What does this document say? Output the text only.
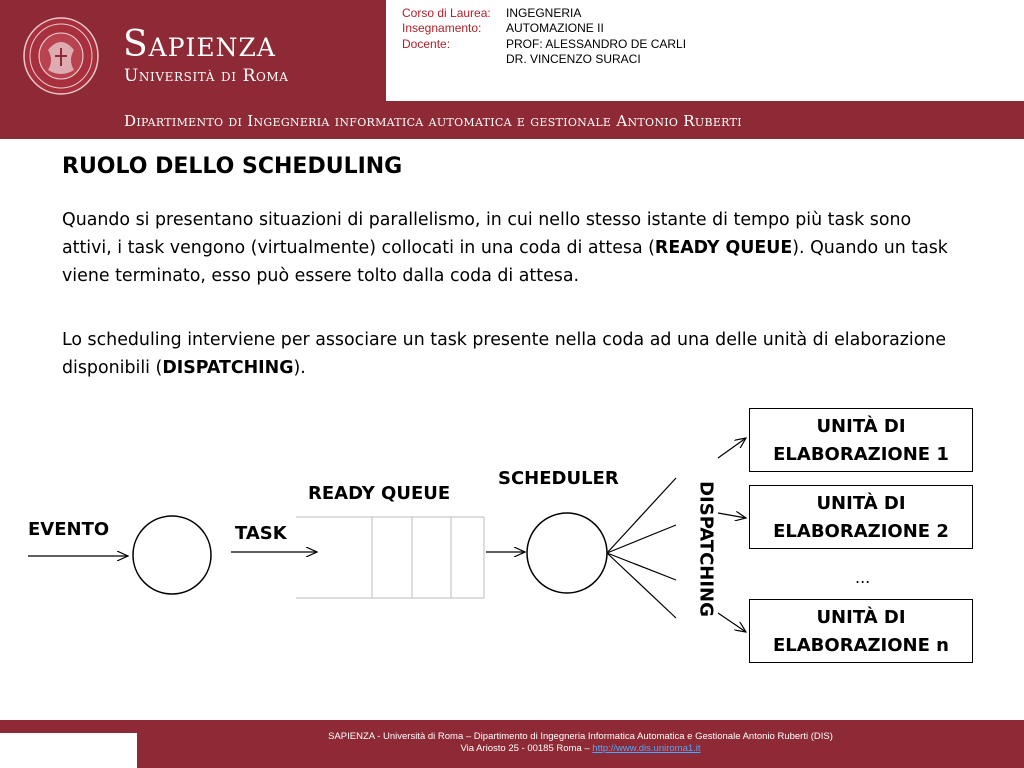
Sapienza
Università di Roma
Corso di Laurea: INGEGNERIA
Insegnamento: AUTOMAZIONE II
Docente:	PROF: ALESSANDRO DE CARLI
DR. VINCENZO SURACI
Dipartimento di Ingegneria informatica automatica e gestionale Antonio Ruberti
RUOLO DELLO SCHEDULING
Quando si presentano situazioni di parallelismo, in cui nello stesso istante di tempo più task sono attivi, i task vengono (virtualmente) collocati in una coda di attesa (READY QUEUE). Quando un task viene terminato, esso può essere tolto dalla coda di attesa.
Lo scheduling interviene per associare un task presente nella coda ad una delle unità di elaborazione disponibili (DISPATCHING).
EVENTO	TASK
READY QUEUE
SCHEDULER
DISPATCHING	...
UNITÀ DI
ELABORAZIONE 1
UNITÀ DI
ELABORAZIONE 2
UNITÀ DI
ELABORAZIONE n
SAPIENZA - Università di Roma – Dipartimento di Ingegneria Informatica Automatica e Gestionale Antonio Ruberti (DIS)
Via Ariosto 25 - 00185 Roma – http://www.dis.uniroma1.it
